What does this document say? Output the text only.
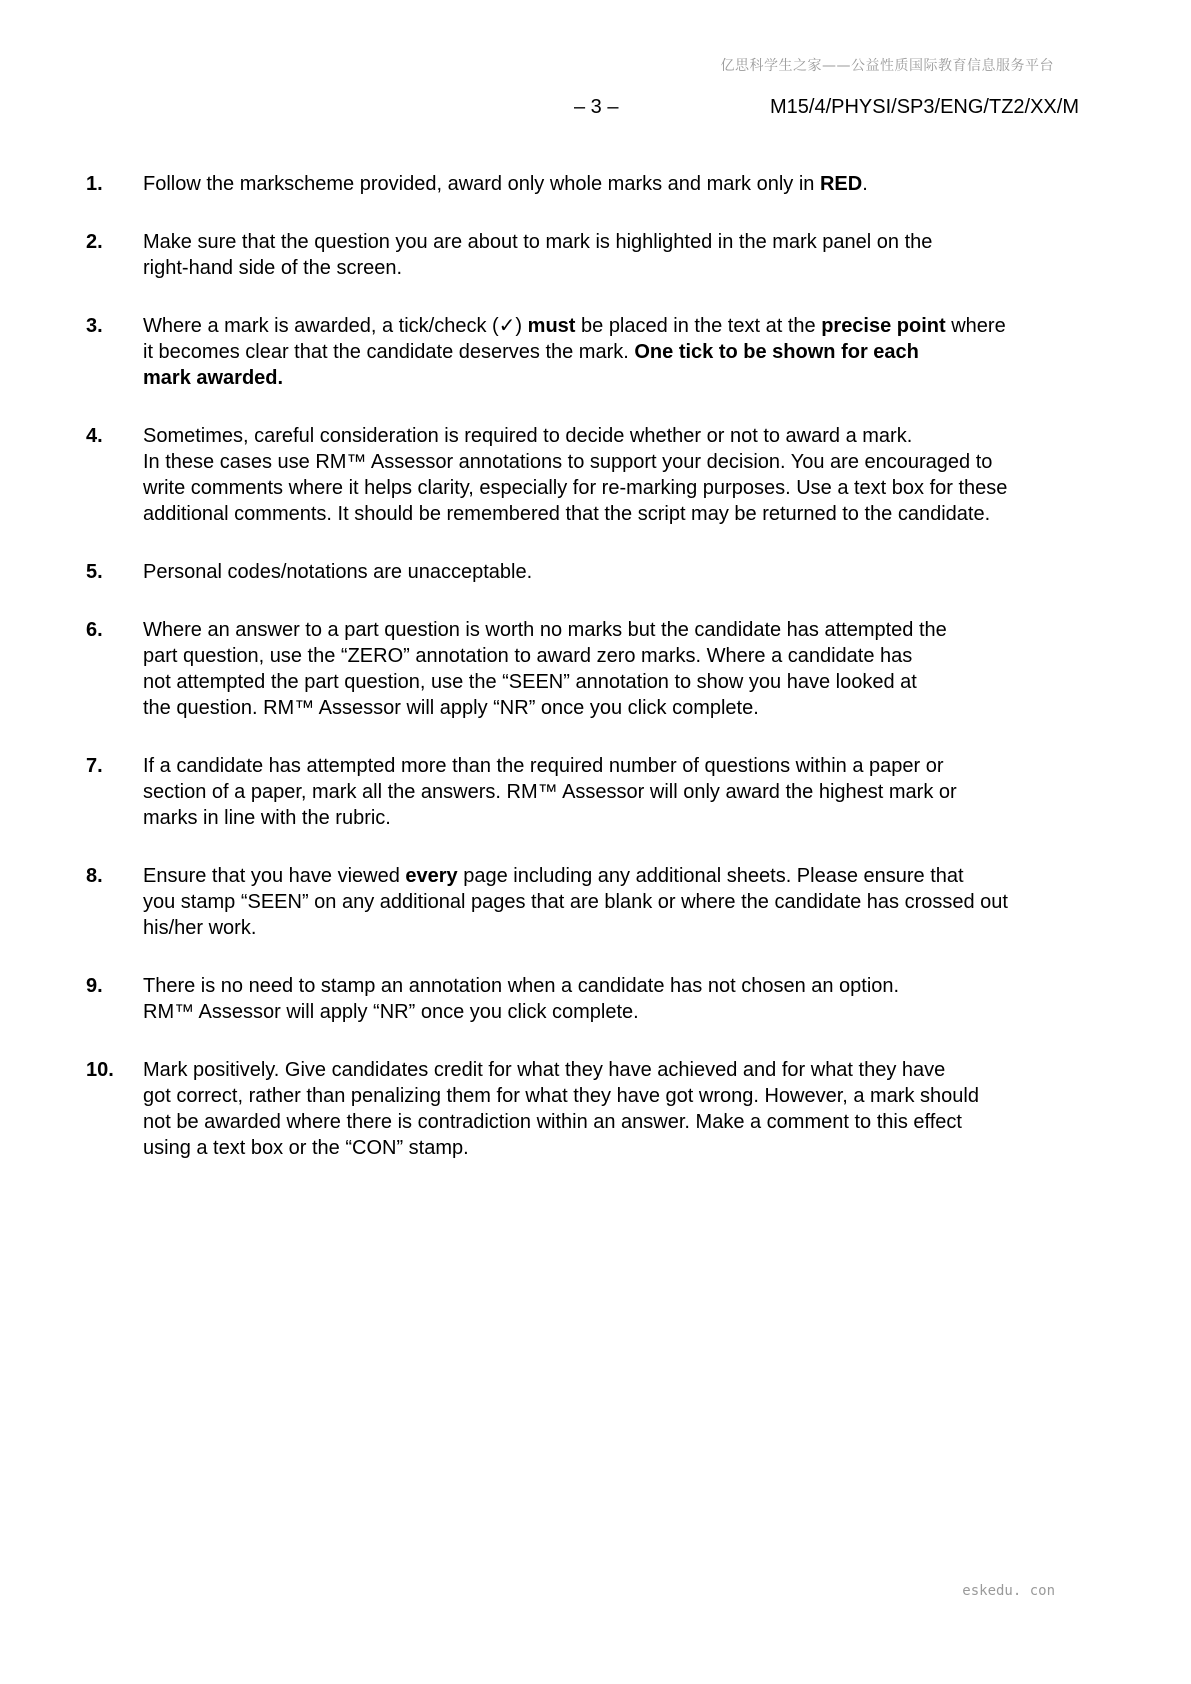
亿思科学生之家——公益性质国际教育信息服务平台
– 3 –	M15/4/PHYSI/SP3/ENG/TZ2/XX/M
1.	Follow the markscheme provided, award only whole marks and mark only in RED.
2.	Make sure that the question you are about to mark is highlighted in the mark panel on the
right-hand side of the screen.
3.	Where a mark is awarded, a tick/check (✓) must be placed in the text at the precise point where
it becomes clear that the candidate deserves the mark. One tick to be shown for each
mark awarded.
4.	Sometimes, careful consideration is required to decide whether or not to award a mark.
In these cases use RM™ Assessor annotations to support your decision. You are encouraged to
write comments where it helps clarity, especially for re-marking purposes. Use a text box for these
additional comments. It should be remembered that the script may be returned to the candidate.
5.	Personal codes/notations are unacceptable.
6.	Where an answer to a part question is worth no marks but the candidate has attempted the
part question, use the “ZERO” annotation to award zero marks. Where a candidate has
not attempted the part question, use the “SEEN” annotation to show you have looked at
the question. RM™ Assessor will apply “NR” once you click complete.
7.	If a candidate has attempted more than the required number of questions within a paper or
section of a paper, mark all the answers. RM™ Assessor will only award the highest mark or
marks in line with the rubric.
8.	Ensure that you have viewed every page including any additional sheets. Please ensure that
you stamp “SEEN” on any additional pages that are blank or where the candidate has crossed out
his/her work.
9.	There is no need to stamp an annotation when a candidate has not chosen an option.
RM™ Assessor will apply “NR” once you click complete.
10.	Mark positively. Give candidates credit for what they have achieved and for what they have
got correct, rather than penalizing them for what they have got wrong. However, a mark should
not be awarded where there is contradiction within an answer. Make a comment to this effect
using a text box or the “CON” stamp.
eskedu. con
